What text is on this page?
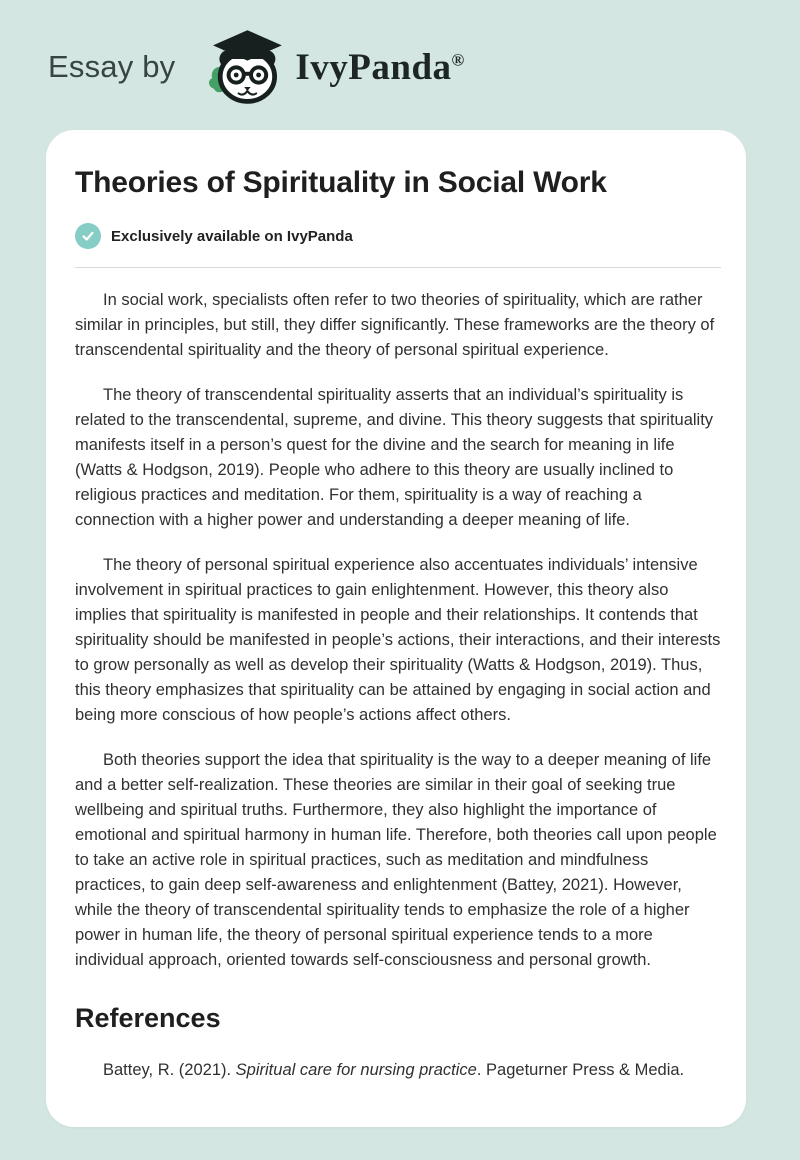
Essay by	IvyPanda®
Theories of Spirituality in Social Work
Exclusively available on IvyPanda

In social work, specialists often refer to two theories of spirituality, which are rather similar in principles, but still, they differ significantly. These frameworks are the theory of transcendental spirituality and the theory of personal spiritual experience.

The theory of transcendental spirituality asserts that an individual’s spirituality is related to the transcendental, supreme, and divine. This theory suggests that spirituality manifests itself in a person’s quest for the divine and the search for meaning in life (Watts & Hodgson, 2019). People who adhere to this theory are usually inclined to religious practices and meditation. For them, spirituality is a way of reaching a connection with a higher power and understanding a deeper meaning of life.

The theory of personal spiritual experience also accentuates individuals’ intensive involvement in spiritual practices to gain enlightenment. However, this theory also implies that spirituality is manifested in people and their relationships. It contends that spirituality should be manifested in people’s actions, their interactions, and their interests to grow personally as well as develop their spirituality (Watts & Hodgson, 2019). Thus, this theory emphasizes that spirituality can be attained by engaging in social action and being more conscious of how people’s actions affect others.

Both theories support the idea that spirituality is the way to a deeper meaning of life and a better self-realization. These theories are similar in their goal of seeking true wellbeing and spiritual truths. Furthermore, they also highlight the importance of emotional and spiritual harmony in human life. Therefore, both theories call upon people to take an active role in spiritual practices, such as meditation and mindfulness practices, to gain deep self-awareness and enlightenment (Battey, 2021). However, while the theory of transcendental spirituality tends to emphasize the role of a higher power in human life, the theory of personal spiritual experience tends to a more individual approach, oriented towards self-consciousness and personal growth.

References

Battey, R. (2021). Spiritual care for nursing practice. Pageturner Press & Media.
